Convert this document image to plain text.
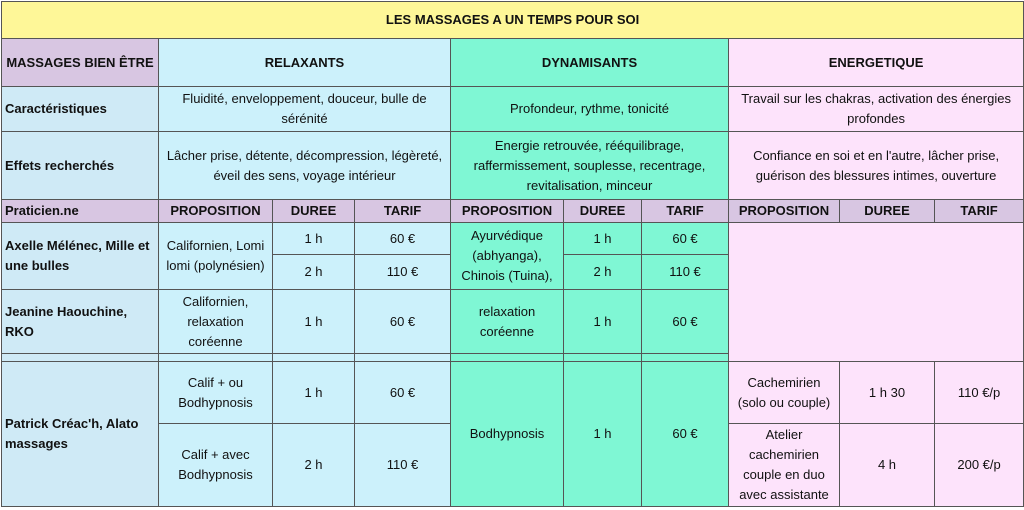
LES MASSAGES A UN TEMPS POUR SOI									
MASSAGES BIEN ÊTRE	RELAXANTS			DYNAMISANTS			ENERGETIQUE		
Caractéristiques	Fluidité, enveloppement, douceur, bulle de sérénité			Profondeur, rythme, tonicité			Travail sur les chakras, activation des énergies profondes		
Effets recherchés	Lâcher prise, détente, décompression, légèreté, éveil des sens, voyage intérieur			Energie retrouvée, rééquilibrage, raffermissement, souplesse, recentrage, revitalisation, minceur			Confiance en soi et en l'autre, lâcher prise, guérison des blessures intimes, ouverture		
Praticien.ne	PROPOSITION	DUREE	TARIF	PROPOSITION	DUREE	TARIF	PROPOSITION	DUREE	TARIF
Axelle Mélénec, Mille et une bulles	Californien, Lomi lomi (polynésien)	1 h	60 €	Ayurvédique (abhyanga), Chinois (Tuina),	1 h	60 €			
		2 h	110 €		2 h	110 €			
Jeanine Haouchine, RKO	Californien, relaxation coréenne	1 h	60 €	relaxation coréenne	1 h	60 €			

Patrick Créac'h, Alato massages	Calif + ou Bodhypnosis	1 h	60 €	Bodhypnosis	1 h	60 €	Cachemirien (solo ou couple)	1 h 30	110 €/p
	Calif + avec Bodhypnosis	2 h	110 €				Atelier cachemirien couple en duo avec assistante	4 h	200 €/p
